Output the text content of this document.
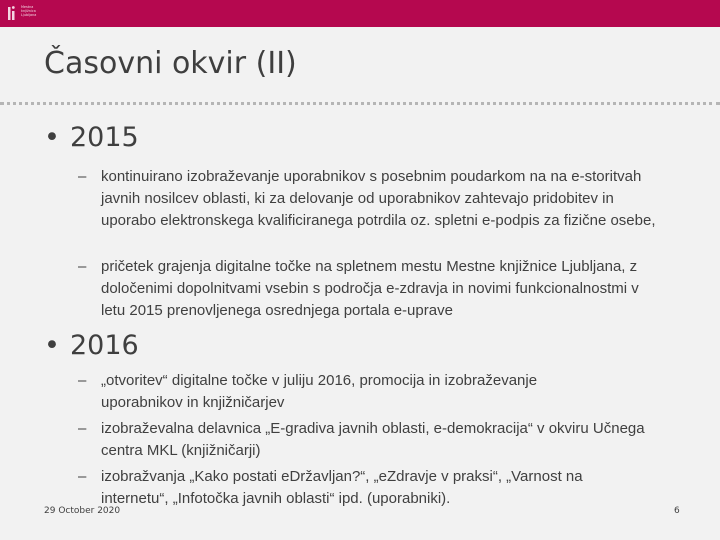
Mestna
knjižnica
Ljubljana
Časovni okvir (II)
• 2015
– kontinuirano izobraževanje uporabnikov s posebnim poudarkom na na e-storitvah javnih nosilcev oblasti, ki za delovanje od uporabnikov zahtevajo pridobitev in uporabo elektronskega kvalificiranega potrdila oz. spletni e-podpis za fizične osebe,
– pričetek grajenja digitalne točke na spletnem mestu Mestne knjižnice Ljubljana, z določenimi dopolnitvami vsebin s področja e-zdravja in novimi funkcionalnostmi v letu 2015 prenovljenega osrednjega portala e-uprave
• 2016
– „otvoritev“ digitalne točke v juliju 2016, promocija in izobraževanje uporabnikov in knjižničarjev
– izobraževalna delavnica „E-gradiva javnih oblasti, e-demokracija“ v okviru Učnega centra MKL (knjižničarji)
– izobražvanja „Kako postati eDržavljan?“, „eZdravje v praksi“, „Varnost na internetu“, „Infotočka javnih oblasti“ ipd. (uporabniki).
29 October 2020	6
